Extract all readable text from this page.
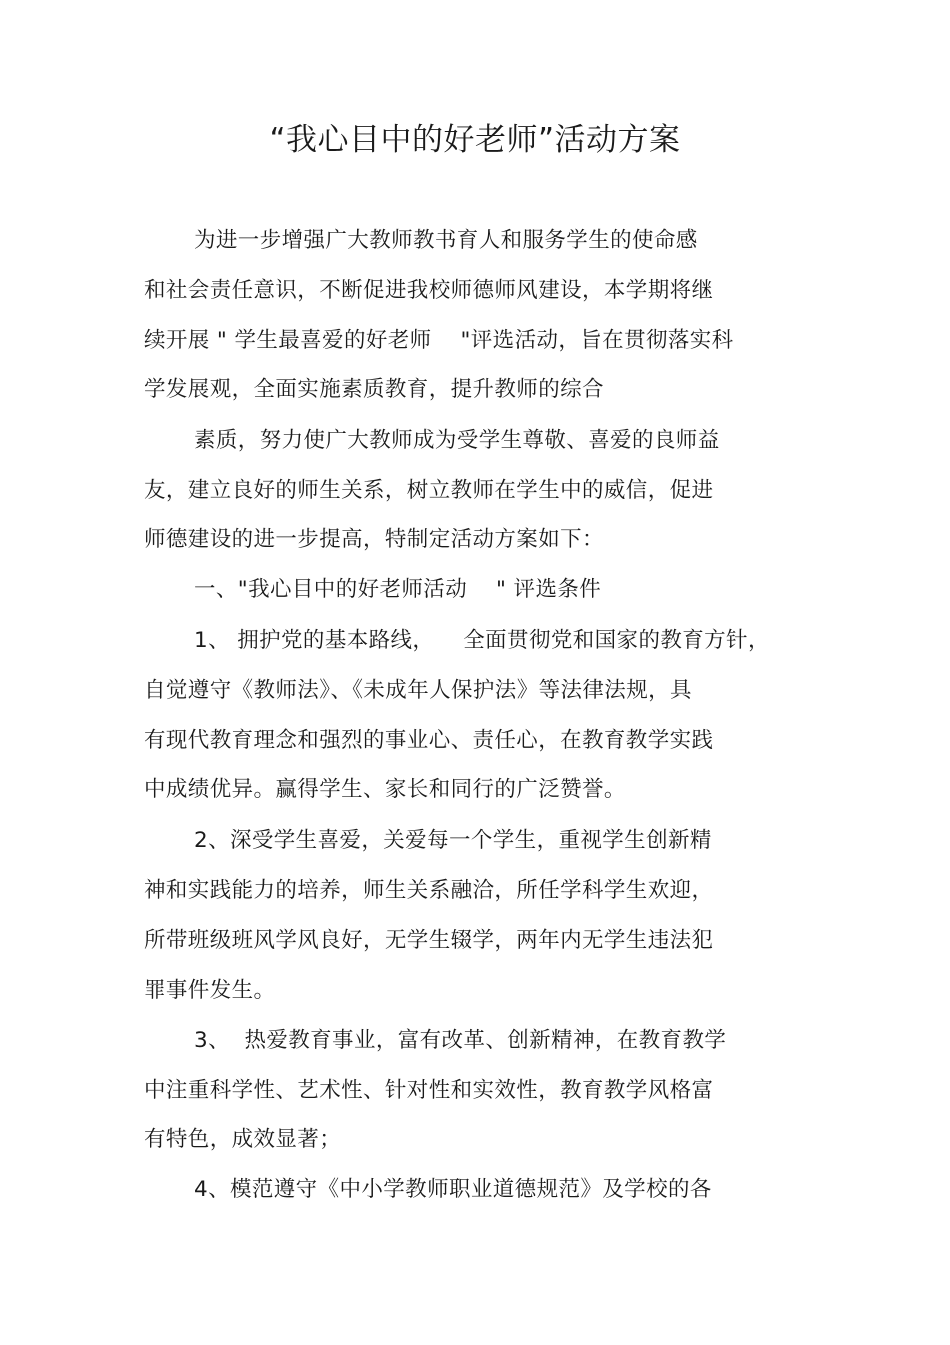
“我心目中的好老师”活动方案
为进一步增强广大教师教书育人和服务学生的使命感
和社会责任意识，不断促进我校师德师风建设，本学期将继
续开展 " 学生最喜爱的好老师    "评选活动，旨在贯彻落实科
学发展观，全面实施素质教育，提升教师的综合
素质，努力使广大教师成为受学生尊敬、喜爱的良师益
友，建立良好的师生关系，树立教师在学生中的威信，促进
师德建设的进一步提高，特制定活动方案如下：
一、"我心目中的好老师活动    " 评选条件
1、 拥护党的基本路线，    全面贯彻党和国家的教育方针，
自觉遵守《教师法》、《未成年人保护法》等法律法规，具
有现代教育理念和强烈的事业心、责任心，在教育教学实践
中成绩优异。赢得学生、家长和同行的广泛赞誉。
2、深受学生喜爱，关爱每一个学生，重视学生创新精
神和实践能力的培养，师生关系融洽，所任学科学生欢迎，
所带班级班风学风良好，无学生辍学，两年内无学生违法犯
罪事件发生。
3、  热爱教育事业，富有改革、创新精神，在教育教学
中注重科学性、艺术性、针对性和实效性，教育教学风格富
有特色，成效显著；
4、模范遵守《中小学教师职业道德规范》及学校的各
